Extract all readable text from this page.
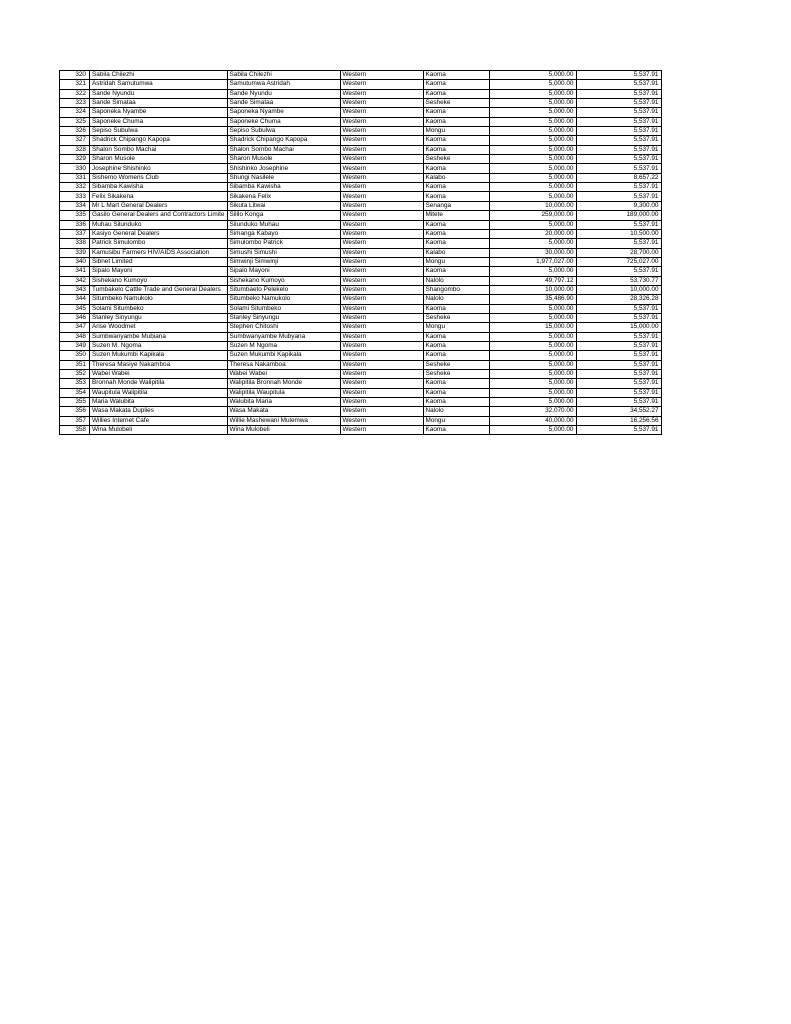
320	Sabila Chilezhi	Sabila Chilezhi	Western	Kaoma	5,000.00	5,537.91
321	Astridah Samutumwa	Samutumwa Astridah	Western	Kaoma	5,000.00	5,537.91
322	Sande Nyundu	Sande Nyundu	Western	Kaoma	5,000.00	5,537.91
323	Sande Simataa	Sande Simataa	Western	Sesheke	5,000.00	5,537.91
324	Saponeka Nyambe	Saponeka Nyambe	Western	Kaoma	5,000.00	5,537.91
325	Saponeke Chuma	Saponeke Chuma	Western	Kaoma	5,000.00	5,537.91
326	Sepiso Subulwa	Sepiso Subulwa	Western	Mongu	5,000.00	5,537.91
327	Shadrick Chipango Kapopa	Shadrick Chipango Kapopa	Western	Kaoma	5,000.00	5,537.91
328	Shalon Sombo Machai	Shalon Sombo Machai	Western	Kaoma	5,000.00	5,537.91
329	Sharon Musole	Sharon Musole	Western	Sesheke	5,000.00	5,537.91
330	Josephine Shishinko	Shishinko Josephine	Western	Kaoma	5,000.00	5,537.91
331	Sishemo Womens Club	Shungi Nasilele	Western	Kalabo	5,000.00	8,657.22
332	Sibamba Kawisha	Sibamba Kawisha	Western	Kaoma	5,000.00	5,537.91
333	Felix Sikakena	Sikakena Felix	Western	Kaoma	5,000.00	5,537.91
334	Mr L Mart General Dealers	Sikuta Litwai	Western	Senanga	10,000.00	9,300.00
335	Gasilo General Dealers and Contractors Limite	Sililo Konga	Western	Mitete	259,000.00	189,000.00
336	Muhau Silunduko	Silunduko Muhau	Western	Kaoma	5,000.00	5,537.91
337	Kasiyo General Dealers	Simanga Kabayo	Western	Kaoma	20,000.00	10,500.00
338	Patrick Simulombo	Simulombo Patrick	Western	Kaoma	5,000.00	5,537.91
339	Kamusibu Farmers HIV/AIDS Association	Simushi Simushi	Western	Kalabo	30,000.00	28,700.00
340	Sibnet Limited	Simwinji Simwinji	Western	Mongu	1,977,027.00	725,027.00
341	Sipalo Mayoni	Sipalo Mayoni	Western	Kaoma	5,000.00	5,537.91
342	Sishekano Kumoyo	Sishekano Kumoyo	Western	Nalolo	49,797.12	53,730.77
343	Tumbakelo Cattle Trade and General Dealers	Situmbaeto Pelekelo	Western	Shangombo	10,000.00	10,000.00
344	Situmbeko Namukolo	Situmbeko Namukolo	Western	Nalolo	35,486.90	28,326.28
345	Solami Situmbeko	Solami Situmbeko	Western	Kaoma	5,000.00	5,537.91
346	Stanley Sinyungu	Stanley Sinyungu	Western	Sesheke	5,000.00	5,537.91
347	Arise Woodmet	Stephen Chitoshi	Western	Mongu	15,000.00	15,000.00
348	Sumbwanyambe Mubiana	Sumbwanyambe Mubyana	Western	Kaoma	5,000.00	5,537.91
349	Suzen M. Ngoma	Suzen M Ngoma	Western	Kaoma	5,000.00	5,537.91
350	Suzen Mukumbi Kapikala	Suzen Mukumbi Kapikala	Western	Kaoma	5,000.00	5,537.91
351	Theresa Masiye Nakamboa	Theresa Nakamboa	Western	Sesheke	5,000.00	5,537.91
352	Wabei Wabei	Wabei Wabei	Western	Sesheke	5,000.00	5,537.91
353	Bronnah Monde Walipitila	Walipitila Bronnah Monde	Western	Kaoma	5,000.00	5,537.91
354	Waupitula Walipitila	Walipitila Waupitula	Western	Kaoma	5,000.00	5,537.91
355	Maria Walubita	Walubita Maria	Western	Kaoma	5,000.00	5,537.91
356	Wasa Makata Duplies	Wasa Makata	Western	Nalolo	32,070.00	34,552.27
357	Willies Internet Cafe	Willie Mashewani Mulemwa	Western	Mongu	40,000.00	16,256.56
358	Wina Mulobeli	Wina Mulobeli	Western	Kaoma	5,000.00	5,537.91
